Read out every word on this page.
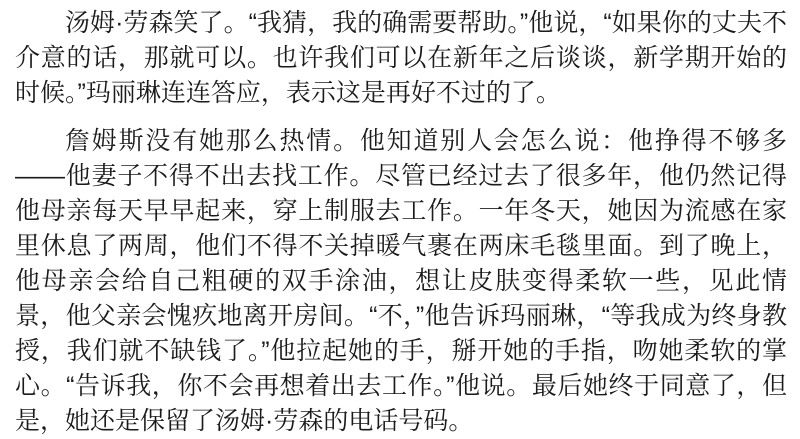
汤姆·劳森笑了。“我猜，我的确需要帮助。”他说，“如果你的丈夫不介意的话，那就可以。也许我们可以在新年之后谈谈，新学期开始的时候。”玛丽琳连连答应，表示这是再好不过的了。

詹姆斯没有她那么热情。他知道别人会怎么说：他挣得不够多——他妻子不得不出去找工作。尽管已经过去了很多年，他仍然记得他母亲每天早早起来，穿上制服去工作。一年冬天，她因为流感在家里休息了两周，他们不得不关掉暖气裹在两床毛毯里面。到了晚上，他母亲会给自己粗硬的双手涂油，想让皮肤变得柔软一些，见此情景，他父亲会愧疚地离开房间。“不，”他告诉玛丽琳，“等我成为终身教授，我们就不缺钱了。”他拉起她的手，掰开她的手指，吻她柔软的掌心。“告诉我，你不会再想着出去工作。”他说。最后她终于同意了，但是，她还是保留了汤姆·劳森的电话号码。
